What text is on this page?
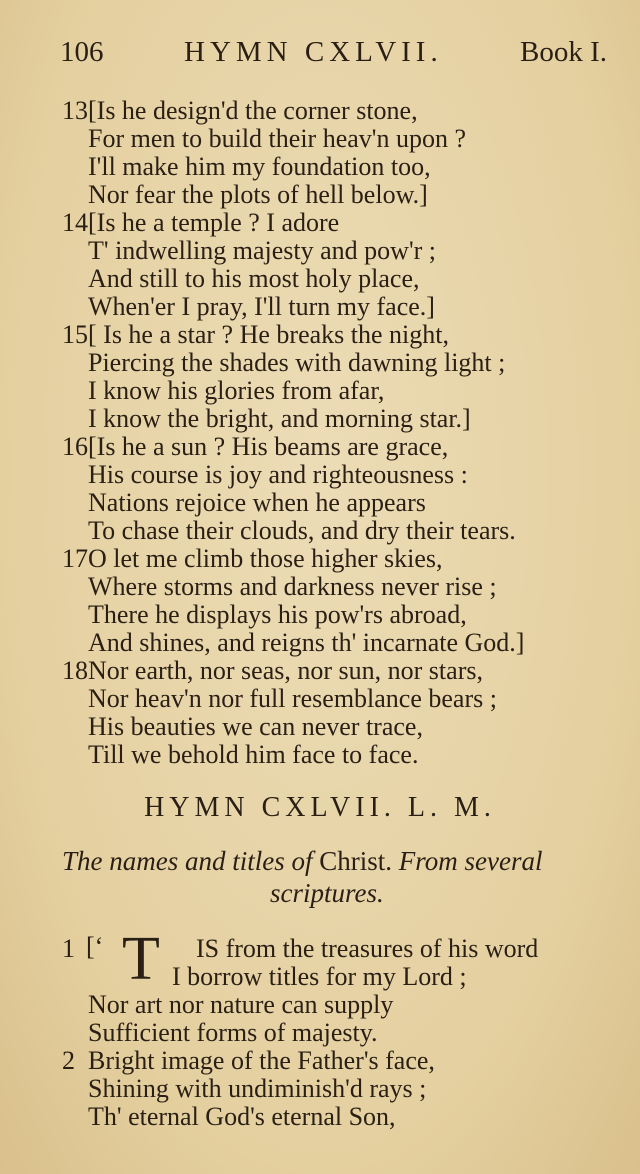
106	HYMN CXLVII.	Book I.
13 [Is he design'd the corner stone,
For men to build their heav'n upon ?
I'll make him my foundation too,
Nor fear the plots of hell below.]
14 [Is he a temple ? I adore
T' indwelling majesty and pow'r ;
And still to his most holy place,
When'er I pray, I'll turn my face.]
15 [ Is he a star ? He breaks the night,
Piercing the shades with dawning light ;
I know his glories from afar,
I know the bright, and morning star.]
16 [Is he a sun ? His beams are grace,
His course is joy and righteousness :
Nations rejoice when he appears
To chase their clouds, and dry their tears.
17 O let me climb those higher skies,
Where storms and darkness never rise ;
There he displays his pow'rs abroad,
And shines, and reigns th' incarnate God.]
18 Nor earth, nor seas, nor sun, nor stars,
Nor heav'n nor full resemblance bears ;
His beauties we can never trace,
Till we behold him face to face.
HYMN CXLVII. L. M.
The names and titles of Christ. From several
scriptures.
1	IS from the treasures of his word
[‘ T I borrow titles for my Lord ;
Nor art nor nature can supply
Sufficient forms of majesty.
2 Bright image of the Father's face,
Shining with undiminish'd rays ;
Th' eternal God's eternal Son,
